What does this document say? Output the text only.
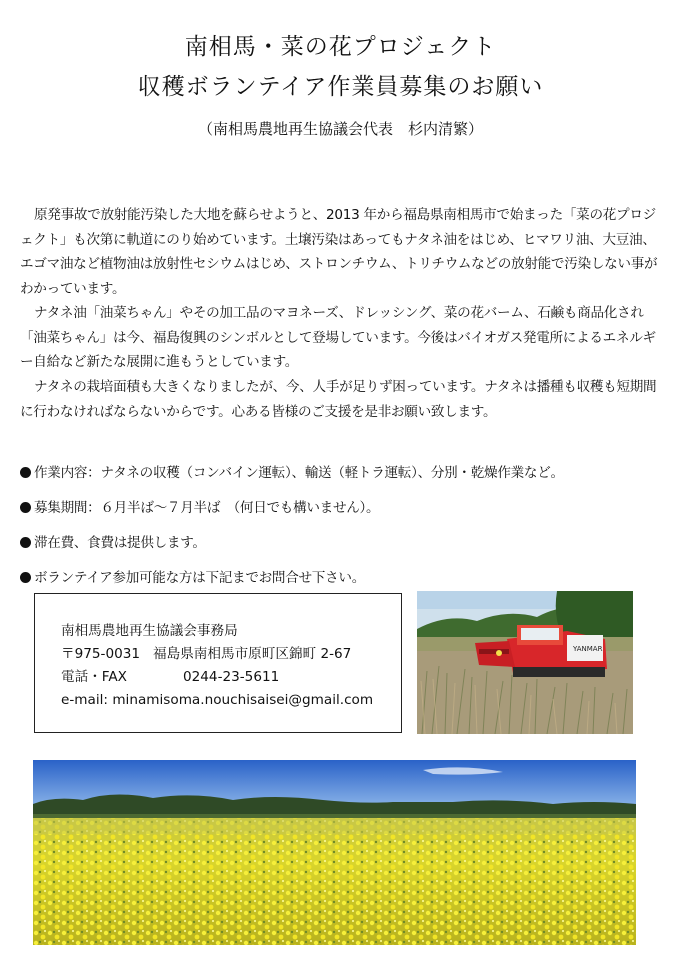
南相馬・菜の花プロジェクト
収穫ボランテイア作業員募集のお願い
（南相馬農地再生協議会代表　杉内清繁）

原発事故で放射能汚染した大地を蘇らせようと、2013 年から福島県南相馬市で始まった「菜の花プロジェクト」も次第に軌道にのり始めています。土壌汚染はあってもナタネ油をはじめ、ヒマワリ油、大豆油、エゴマ油など植物油は放射性セシウムはじめ、ストロンチウム、トリチウムなどの放射能で汚染しない事がわかっています。

ナタネ油「油菜ちゃん」やその加工品のマヨネーズ、ドレッシング、菜の花バーム、石鹸も商品化され「油菜ちゃん」は今、福島復興のシンボルとして登場しています。今後はバイオガス発電所によるエネルギー自給など新たな展開に進もうとしています。

ナタネの栽培面積も大きくなりましたが、今、人手が足りず困っています。ナタネは播種も収穫も短期間に行わなければならないからです。心ある皆様のご支援を是非お願い致します。

作業内容：ナタネの収穫（コンバイン運転）、輸送（軽トラ運転）、分別・乾燥作業など。
募集期間：６月半ば～７月半ば　（何日でも構いません）。
滞在費、食費は提供します。
ボランテイア参加可能な方は下記までお問合せ下さい。
南相馬農地再生協議会事務局
〒975-0031 福島県南相馬市原町区錦町 2-67
電話・FAX	0244-23-5611
e-mail: minamisoma.nouchisaisei@gmail.com
YANMAR
